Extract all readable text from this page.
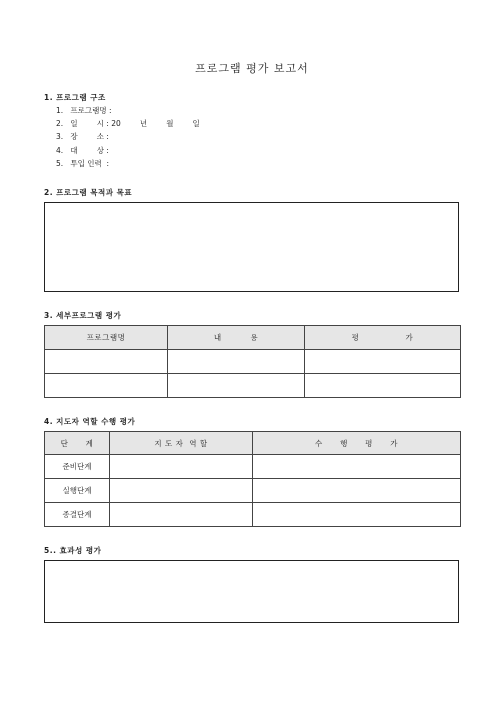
프로그램 평가 보고서
1. 프로그램 구조
1. 프로그램명 :
2. 일        시 : 20        년        월        일
3. 장        소 :
4. 대        상 :
5. 투입 인력  :
2. 프로그램 목적과 목표
3. 세부프로그램 평가
프로그램명	내          용	평                가

4. 지도자 역할 수행 평가
단      계	지 도 자  역 할	수      행      평      가
준비단계		
실행단계		
종결단계		
5.. 효과성 평가
